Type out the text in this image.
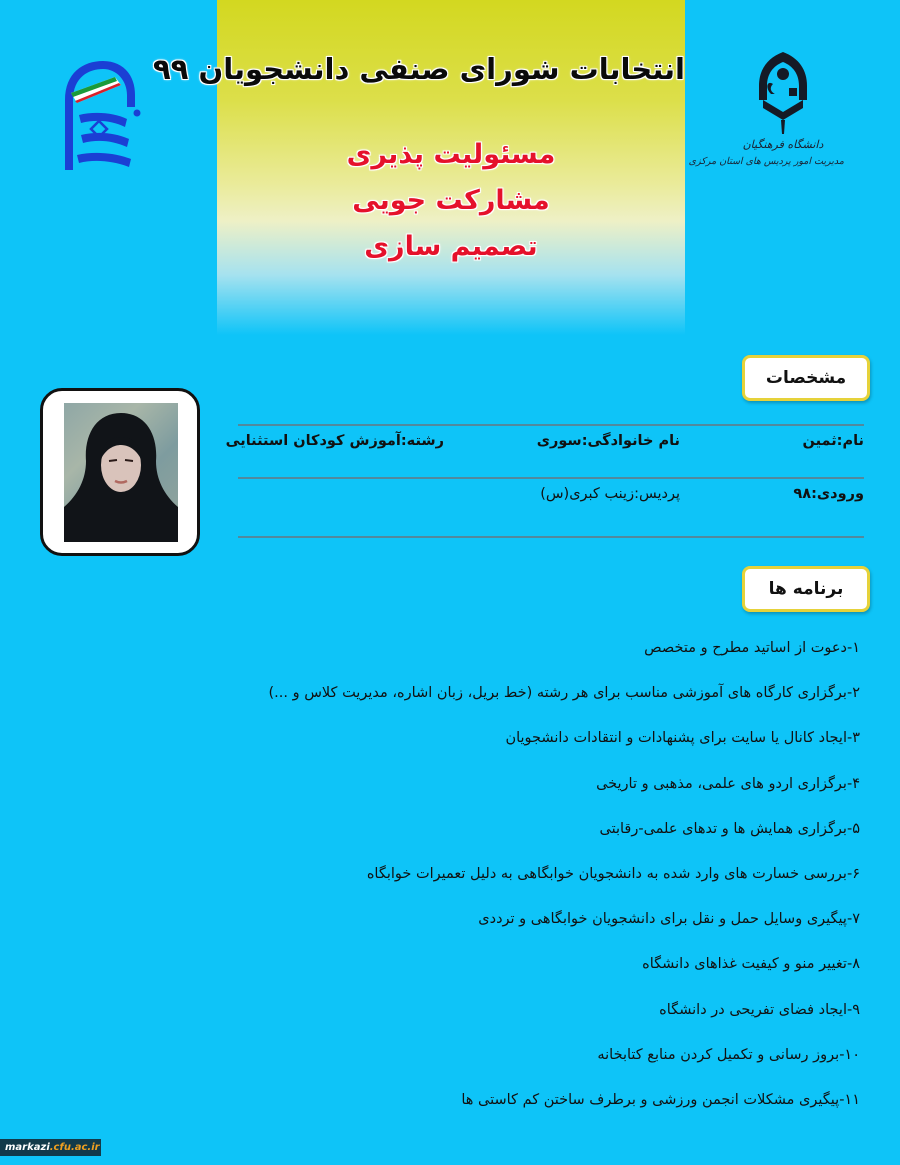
انتخابات شورای صنفی دانشجویان ۹۹
مسئولیت پذیری
مشارکت جویی
تصمیم سازی
دانشگاه فرهنگیان
مدیریت امور پردیس های استان مرکزی
مشخصات
نام:ثمین
نام خانوادگی:سوری
رشته:آموزش کودکان استثنایی
ورودی:۹۸
پردیس:زینب کبری(س)
برنامه ها
۱-دعوت از اساتید مطرح و متخصص
۲-برگزاری کارگاه های آموزشی مناسب برای هر رشته (خط بریل، زبان اشاره، مدیریت کلاس و ...)
۳-ایجاد کانال یا سایت برای پشنهادات و انتقادات دانشجویان
۴-برگزاری اردو های علمی، مذهبی و تاریخی
۵-برگزاری همایش ها و تدهای علمی-رقابتی
۶-بررسی خسارت های وارد شده به دانشجویان خوابگاهی به دلیل تعمیرات خوابگاه
۷-پیگیری وسایل حمل و نقل برای دانشجویان خوابگاهی و ترددی
۸-تغییر منو و کیفیت غذاهای دانشگاه
۹-ایجاد فضای تفریحی در دانشگاه
۱۰-بروز رسانی و تکمیل کردن منابع کتابخانه
۱۱-پیگیری مشکلات انجمن ورزشی و برطرف ساختن کم کاستی ها
markazi.cfu.ac.ir
